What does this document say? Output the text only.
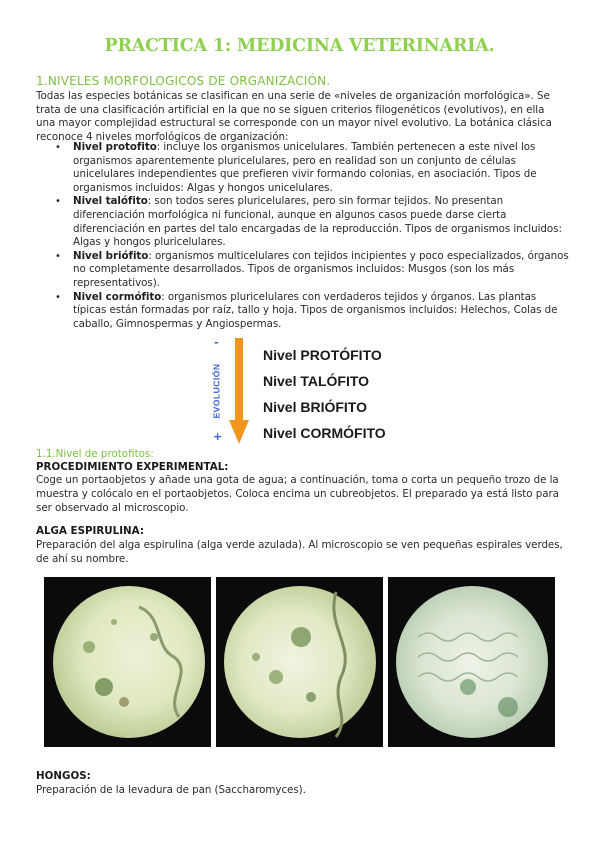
PRACTICA 1: MEDICINA VETERINARIA.
1.NIVELES MORFOLOGICOS DE ORGANIZACIÓN.
Todas las especies botánicas se clasifican en una serie de «niveles de organización morfológica». Se trata de una clasificación artificial en la que no se siguen criterios filogenéticos (evolutivos), en ella una mayor complejidad estructural se corresponde con un mayor nivel evolutivo. La botánica clásica reconoce 4 niveles morfológicos de organización:
• Nivel protofito: incluye los organismos unicelulares. También pertenecen a este nivel los organismos aparentemente pluricelulares, pero en realidad son un conjunto de células unicelulares independientes que prefieren vivir formando colonias, en asociación. Tipos de organismos incluidos: Algas y hongos unicelulares.
• Nivel talófito: son todos seres pluricelulares, pero sin formar tejidos. No presentan diferenciación morfológica ni funcional, aunque en algunos casos puede darse cierta diferenciación en partes del talo encargadas de la reproducción. Tipos de organismos incluidos: Algas y hongos pluricelulares.
• Nivel briófito: organismos multicelulares con tejidos incipientes y poco especializados, órganos no completamente desarrollados. Tipos de organismos incluidos: Musgos (son los más representativos).
• Nivel cormófito: organismos pluricelulares con verdaderos tejidos y órganos. Las plantas típicas están formadas por raíz, tallo y hoja. Tipos de organismos incluidos: Helechos, Colas de caballo, Gimnospermas y Angiospermas.
-
EVOLUCIÓN
+
Nivel PROTÓFITO
Nivel TALÓFITO
Nivel BRIÓFITO
Nivel CORMÓFITO
1.1.Nivel de protofitos:
PROCEDIMIENTO EXPERIMENTAL:
Coge un portaobjetos y añade una gota de agua; a continuación, toma o corta un pequeño trozo de la muestra y colócalo en el portaobjetos. Coloca encima un cubreobjetos. El preparado ya está listo para ser observado al microscopio.
ALGA ESPIRULINA:
Preparación del alga espirulina (alga verde azulada). Al microscopio se ven pequeñas espirales verdes, de ahí su nombre.
HONGOS:
Preparación de la levadura de pan (Saccharomyces).
